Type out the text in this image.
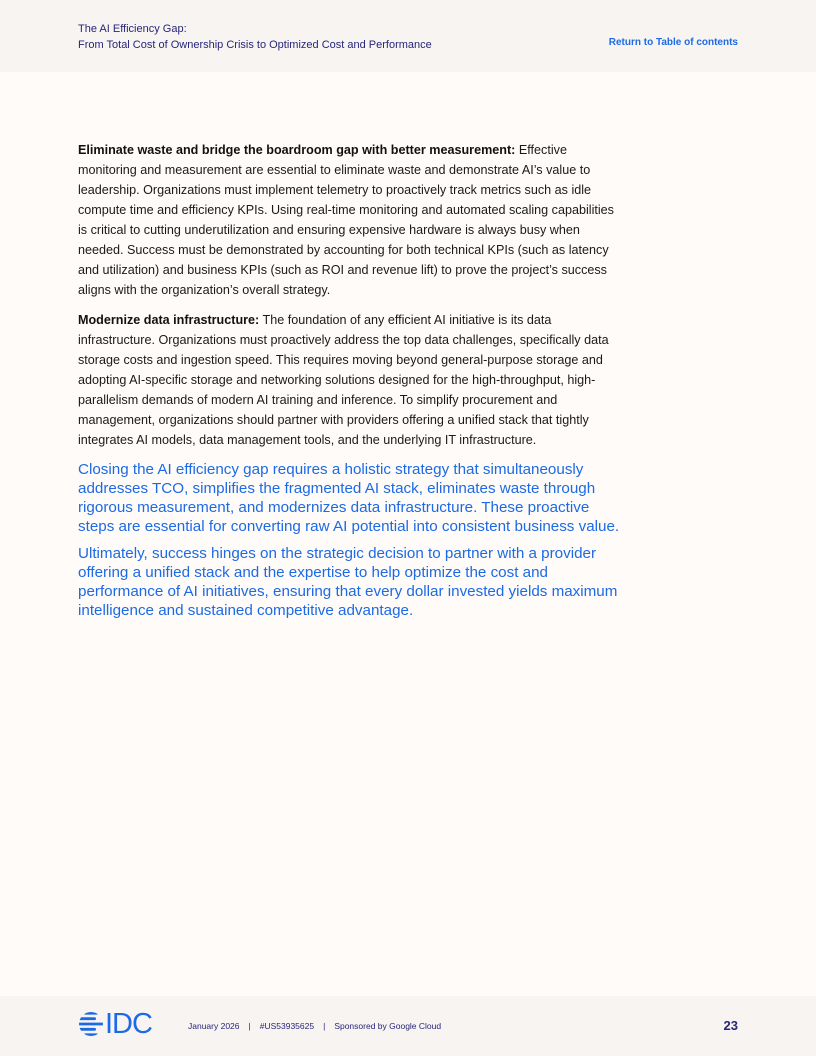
The AI Efficiency Gap:
From Total Cost of Ownership Crisis to Optimized Cost and Performance	Return to Table of contents

Eliminate waste and bridge the boardroom gap with better measurement: Effective monitoring and measurement are essential to eliminate waste and demonstrate AI’s value to leadership. Organizations must implement telemetry to proactively track metrics such as idle compute time and efficiency KPIs. Using real-time monitoring and automated scaling capabilities is critical to cutting underutilization and ensuring expensive hardware is always busy when needed. Success must be demonstrated by accounting for both technical KPIs (such as latency and utilization) and business KPIs (such as ROI and revenue lift) to prove the project’s success aligns with the organization’s overall strategy.

Modernize data infrastructure: The foundation of any efficient AI initiative is its data infrastructure. Organizations must proactively address the top data challenges, specifically data storage costs and ingestion speed. This requires moving beyond general-purpose storage and adopting AI-specific storage and networking solutions designed for the high-throughput, high-parallelism demands of modern AI training and inference. To simplify procurement and management, organizations should partner with providers offering a unified stack that tightly integrates AI models, data management tools, and the underlying IT infrastructure.

Closing the AI efficiency gap requires a holistic strategy that simultaneously addresses TCO, simplifies the fragmented AI stack, eliminates waste through rigorous measurement, and modernizes data infrastructure. These proactive steps are essential for converting raw AI potential into consistent business value.

Ultimately, success hinges on the strategic decision to partner with a provider offering a unified stack and the expertise to help optimize the cost and performance of AI initiatives, ensuring that every dollar invested yields maximum intelligence and sustained competitive advantage.

IDC	January 2026 | #US53935625 | Sponsored by Google Cloud	23
